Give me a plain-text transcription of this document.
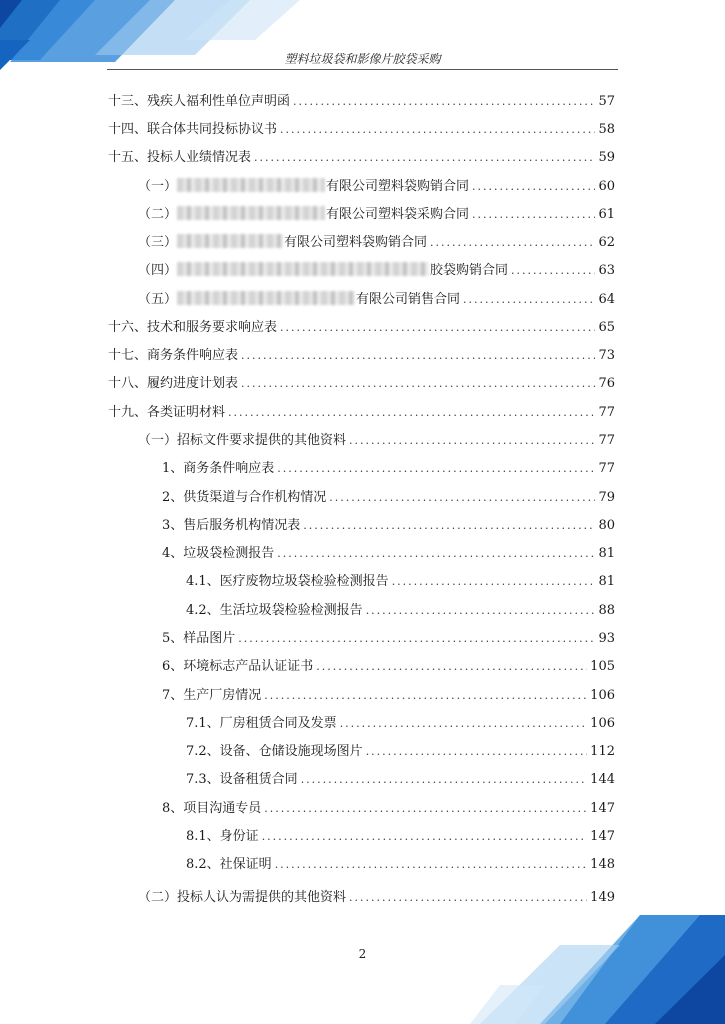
塑料垃圾袋和影像片胶袋采购
十三、残疾人福利性单位声明函 .....	57
十四、联合体共同投标协议书 .....	58
十五、投标人业绩情况表 .....	59
（一）	有限公司塑料袋购销合同 .....	60
（二）	有限公司塑料袋采购合同 .....	61
（三）	有限公司塑料袋购销合同 .....	62
（四）	胶袋购销合同 .....	63
（五）	有限公司销售合同 .....	64
十六、技术和服务要求响应表 .....	65
十七、商务条件响应表 .....	73
十八、履约进度计划表 .....	76
十九、各类证明材料 .....	77
（一）招标文件要求提供的其他资料 .....	77
1、商务条件响应表 .....	77
2、供货渠道与合作机构情况 .....	79
3、售后服务机构情况表 .....	80
4、垃圾袋检测报告 .....	81
4.1、医疗废物垃圾袋检验检测报告 .....	81
4.2、生活垃圾袋检验检测报告 .....	88
5、样品图片 .....	93
6、环境标志产品认证证书 .....	105
7、生产厂房情况 .....	106
7.1、厂房租赁合同及发票 .....	106
7.2、设备、仓储设施现场图片 .....	112
7.3、设备租赁合同 .....	144
8、项目沟通专员 .....	147
8.1、身份证 .....	147
8.2、社保证明 .....	148
（二）投标人认为需提供的其他资料 .....	149
2
